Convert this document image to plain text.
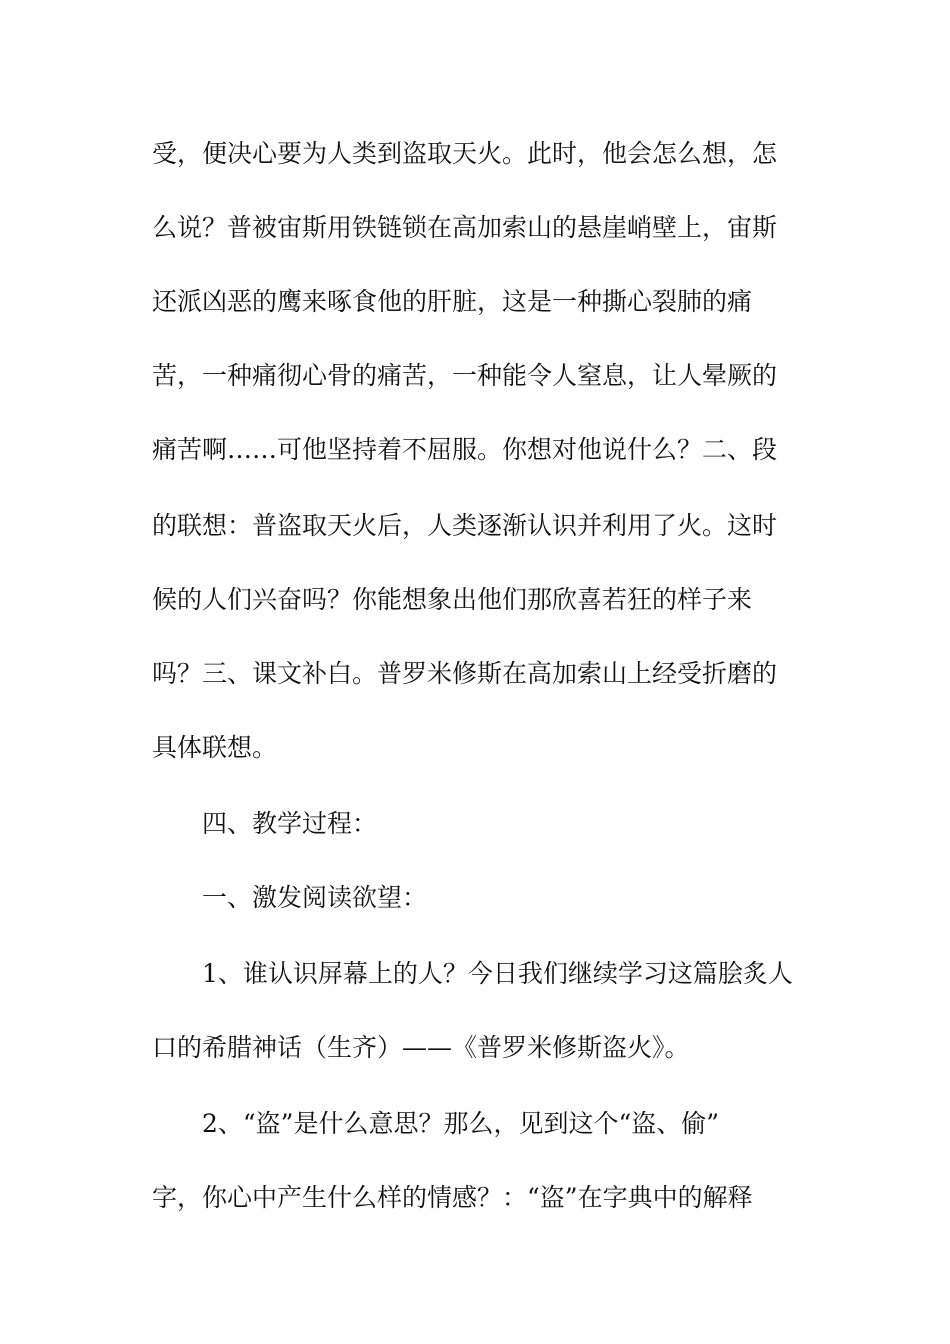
受，便决心要为人类到盗取天火。此时，他会怎么想，怎
么说？普被宙斯用铁链锁在高加索山的悬崖峭壁上，宙斯
还派凶恶的鹰来啄食他的肝脏，这是一种撕心裂肺的痛
苦，一种痛彻心骨的痛苦，一种能令人窒息，让人晕厥的
痛苦啊……可他坚持着不屈服。你想对他说什么？二、段
的联想：普盗取天火后，人类逐渐认识并利用了火。这时
候的人们兴奋吗？你能想象出他们那欣喜若狂的样子来
吗？三、课文补白。普罗米修斯在高加索山上经受折磨的
具体联想。
四、教学过程：
一、激发阅读欲望：
1、谁认识屏幕上的人？今日我们继续学习这篇脍炙人
口的希腊神话（生齐）——《普罗米修斯盗火》。
2、“盗”是什么意思？那么，见到这个“盗、偷”
字，你心中产生什么样的情感？：“盗”在字典中的解释
